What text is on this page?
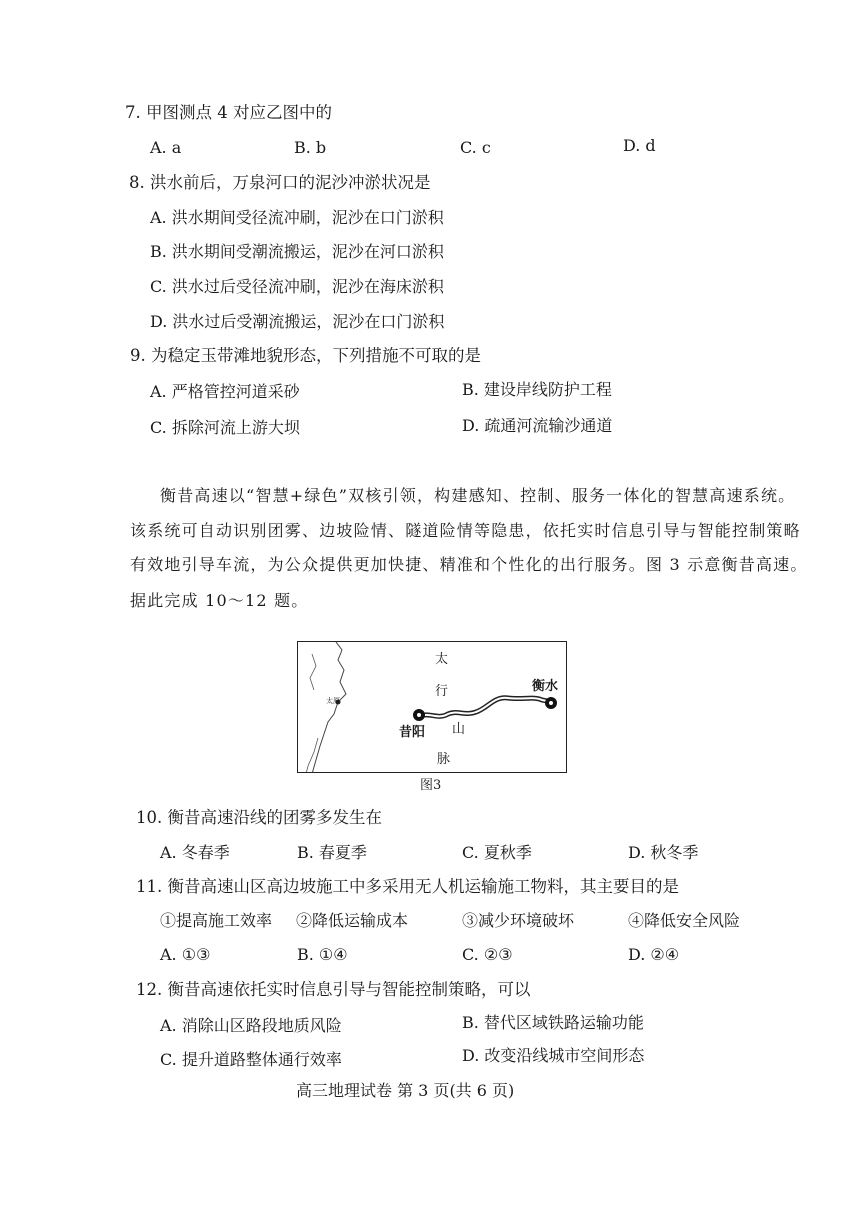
7. 甲图测点 4 对应乙图中的
A. a	B. b	C. c	D. d
8. 洪水前后，万泉河口的泥沙冲淤状况是
A. 洪水期间受径流冲刷，泥沙在口门淤积
B. 洪水期间受潮流搬运，泥沙在河口淤积
C. 洪水过后受径流冲刷，泥沙在海床淤积
D. 洪水过后受潮流搬运，泥沙在口门淤积
9. 为稳定玉带滩地貌形态，下列措施不可取的是
A. 严格管控河道采砂	B. 建设岸线防护工程
C. 拆除河流上游大坝	D. 疏通河流输沙通道
衡昔高速以“智慧+绿色”双核引领，构建感知、控制、服务一体化的智慧高速系统。
该系统可自动识别团雾、边坡险情、隧道险情等隐患，依托实时信息引导与智能控制策略
有效地引导车流，为公众提供更加快捷、精准和个性化的出行服务。图 3 示意衡昔高速。
据此完成 10～12 题。
太
行
山
脉
昔阳
衡水
太原
图3
10. 衡昔高速沿线的团雾多发生在
A. 冬春季	B. 春夏季	C. 夏秋季	D. 秋冬季
11. 衡昔高速山区高边坡施工中多采用无人机运输施工物料，其主要目的是
①提高施工效率 ②降低运输成本	③减少环境破坏	④降低安全风险
A. ①③	B. ①④	C. ②③	D. ②④
12. 衡昔高速依托实时信息引导与智能控制策略，可以
A. 消除山区路段地质风险	B. 替代区域铁路运输功能
C. 提升道路整体通行效率	D. 改变沿线城市空间形态
高三地理试卷 第 3 页(共 6 页)
